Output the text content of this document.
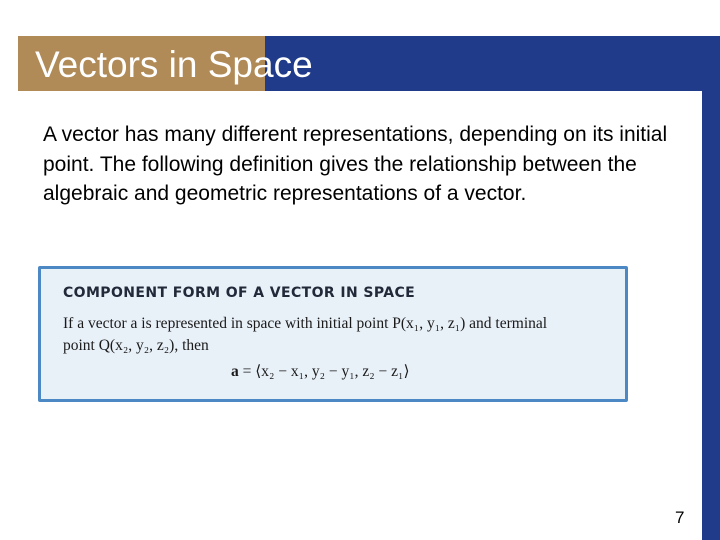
Vectors in Space

A vector has many different representations, depending on its initial point. The following definition gives the relationship between the algebraic and geometric representations of a vector.

COMPONENT FORM OF A VECTOR IN SPACE
If a vector a is represented in space with initial point P(x₁, y₁, z₁) and terminal
point Q(x₂, y₂, z₂), then
a = ⟨x₂ − x₁, y₂ − y₁, z₂ − z₁⟩
7
